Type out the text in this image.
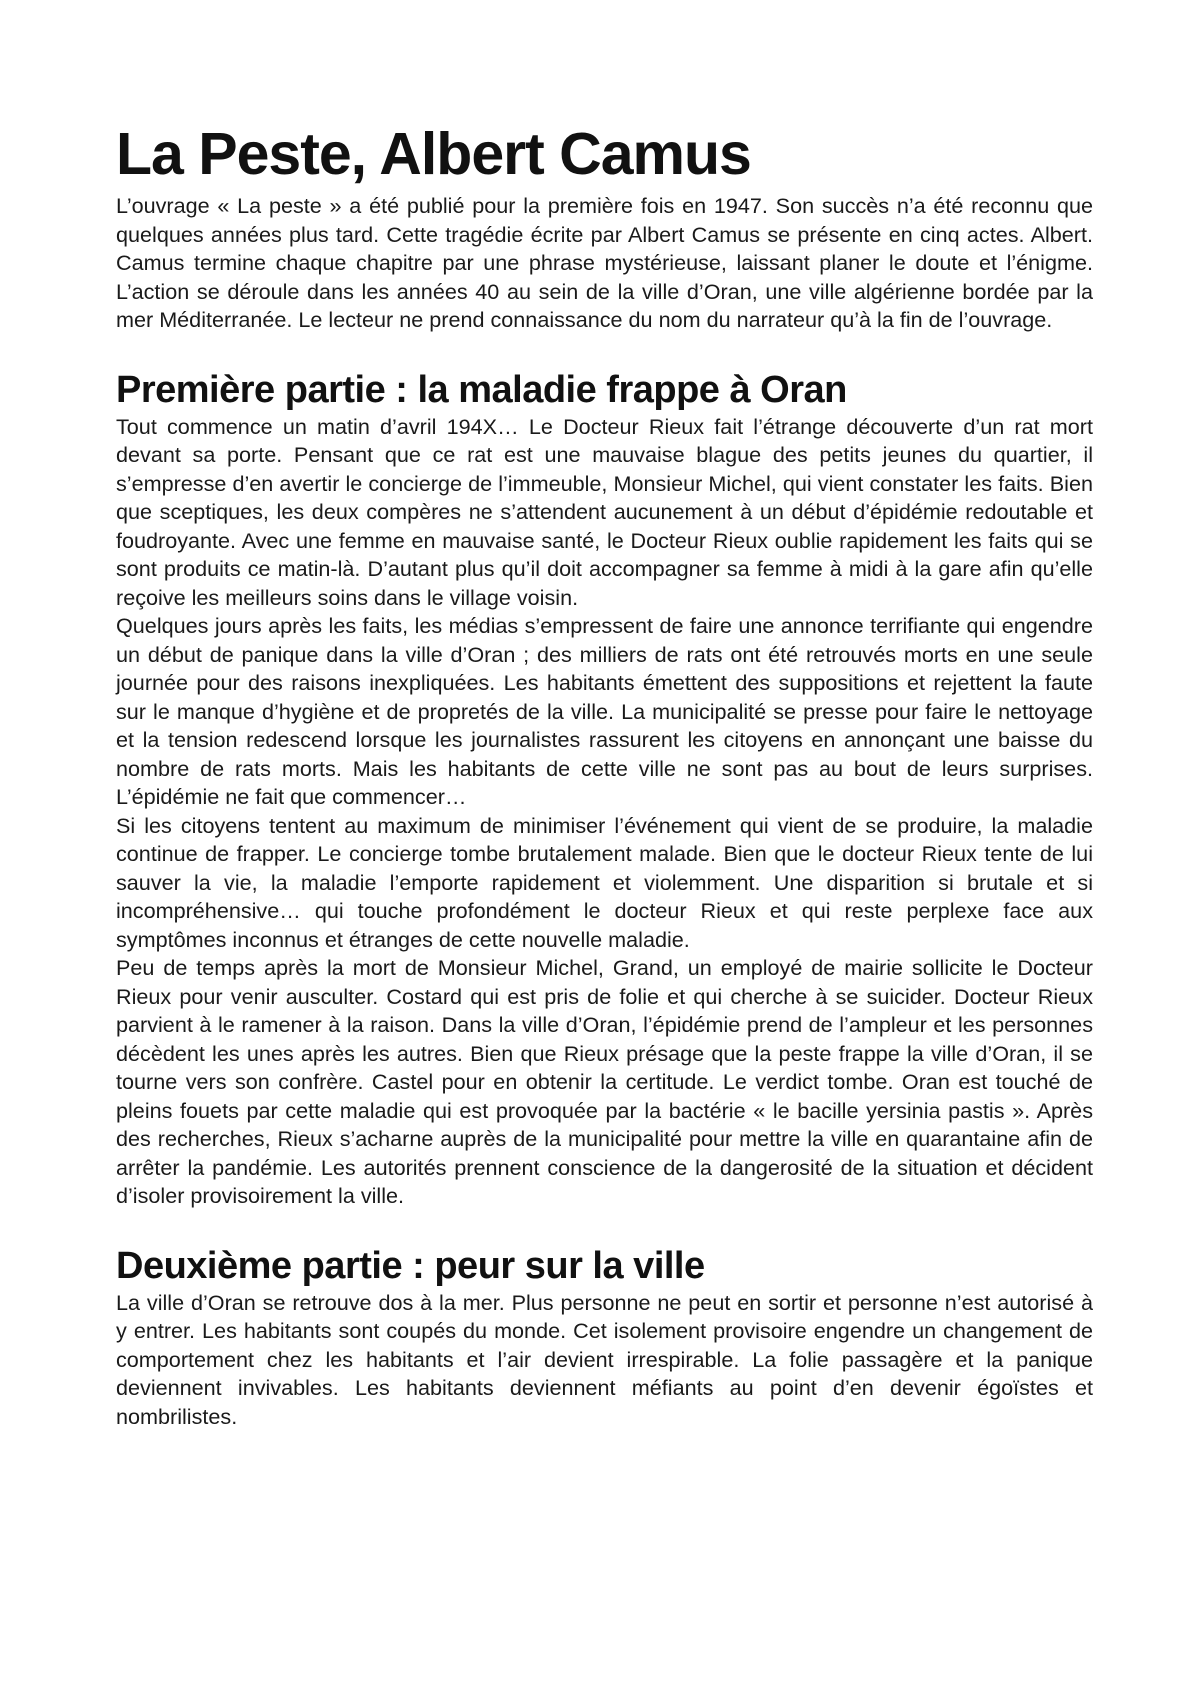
La Peste, Albert Camus

L’ouvrage « La peste » a été publié pour la première fois en 1947. Son succès n’a été reconnu que quelques années plus tard. Cette tragédie écrite par Albert Camus se présente en cinq actes. Albert. Camus termine chaque chapitre par une phrase mystérieuse, laissant planer le doute et l’énigme. L’action se déroule dans les années 40 au sein de la ville d’Oran, une ville algérienne bordée par la mer Méditerranée. Le lecteur ne prend connaissance du nom du narrateur qu’à la fin de l’ouvrage.

Première partie : la maladie frappe à Oran

Tout commence un matin d’avril 194X… Le Docteur Rieux fait l’étrange découverte d’un rat mort devant sa porte. Pensant que ce rat est une mauvaise blague des petits jeunes du quartier, il s’empresse d’en avertir le concierge de l’immeuble, Monsieur Michel, qui vient constater les faits. Bien que sceptiques, les deux compères ne s’attendent aucunement à un début d’épidémie redoutable et foudroyante. Avec une femme en mauvaise santé, le Docteur Rieux oublie rapidement les faits qui se sont produits ce matin-là. D’autant plus qu’il doit accompagner sa femme à midi à la gare afin qu’elle reçoive les meilleurs soins dans le village voisin.

Quelques jours après les faits, les médias s’empressent de faire une annonce terrifiante qui engendre un début de panique dans la ville d’Oran ; des milliers de rats ont été retrouvés morts en une seule journée pour des raisons inexpliquées. Les habitants émettent des suppositions et rejettent la faute sur le manque d’hygiène et de propretés de la ville. La municipalité se presse pour faire le nettoyage et la tension redescend lorsque les journalistes rassurent les citoyens en annonçant une baisse du nombre de rats morts. Mais les habitants de cette ville ne sont pas au bout de leurs surprises. L’épidémie ne fait que commencer…

Si les citoyens tentent au maximum de minimiser l’événement qui vient de se produire, la maladie continue de frapper. Le concierge tombe brutalement malade. Bien que le docteur Rieux tente de lui sauver la vie, la maladie l’emporte rapidement et violemment. Une disparition si brutale et si incompréhensive… qui touche profondément le docteur Rieux et qui reste perplexe face aux symptômes inconnus et étranges de cette nouvelle maladie.

Peu de temps après la mort de Monsieur Michel, Grand, un employé de mairie sollicite le Docteur Rieux pour venir ausculter. Costard qui est pris de folie et qui cherche à se suicider. Docteur Rieux parvient à le ramener à la raison. Dans la ville d’Oran, l’épidémie prend de l’ampleur et les personnes décèdent les unes après les autres. Bien que Rieux présage que la peste frappe la ville d’Oran, il se tourne vers son confrère. Castel pour en obtenir la certitude. Le verdict tombe. Oran est touché de pleins fouets par cette maladie qui est provoquée par la bactérie « le bacille yersinia pastis ». Après des recherches, Rieux s’acharne auprès de la municipalité pour mettre la ville en quarantaine afin de arrêter la pandémie. Les autorités prennent conscience de la dangerosité de la situation et décident d’isoler provisoirement la ville.

Deuxième partie : peur sur la ville

La ville d’Oran se retrouve dos à la mer. Plus personne ne peut en sortir et personne n’est autorisé à y entrer. Les habitants sont coupés du monde. Cet isolement provisoire engendre un changement de comportement chez les habitants et l’air devient irrespirable. La folie passagère et la panique deviennent invivables. Les habitants deviennent méfiants au point d’en devenir égoïstes et nombrilistes.
